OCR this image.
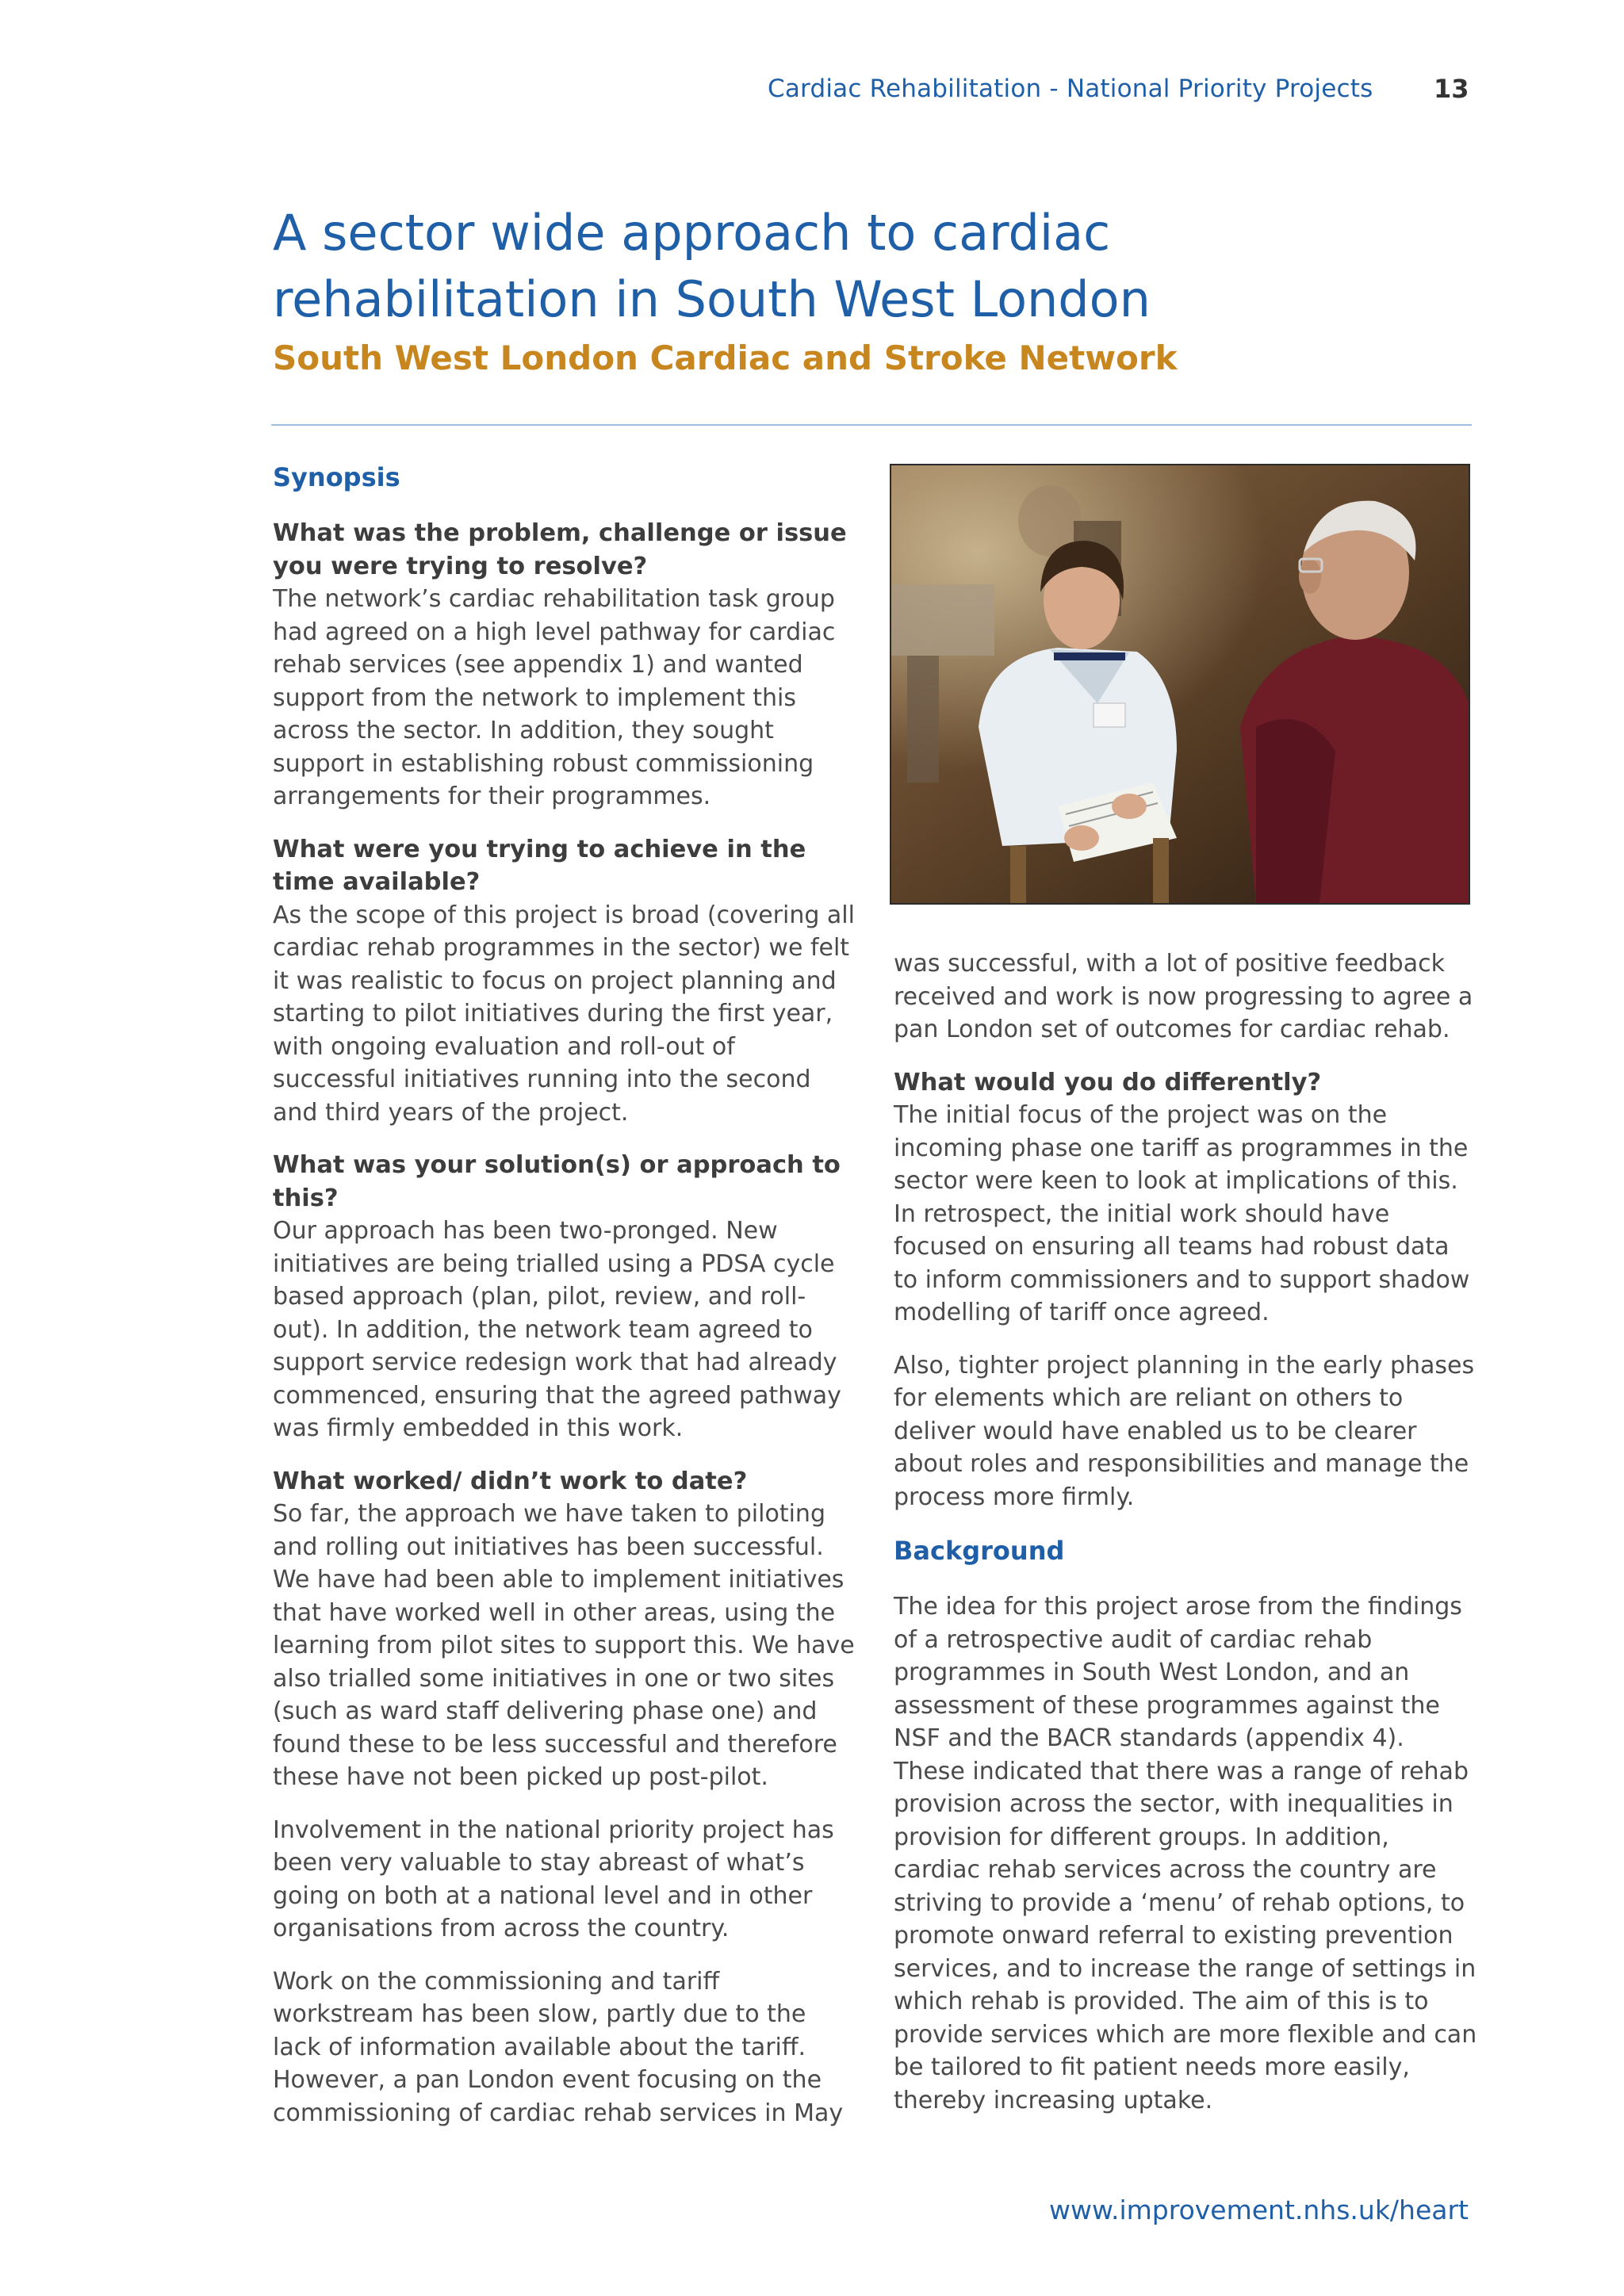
Cardiac Rehabilitation - National Priority Projects 13
A sector wide approach to cardiac
rehabilitation in South West London
South West London Cardiac and Stroke Network
Synopsis

What was the problem, challenge or issue you were trying to resolve?

The network’s cardiac rehabilitation task group had agreed on a high level pathway for cardiac rehab services (see appendix 1) and wanted support from the network to implement this across the sector. In addition, they sought support in establishing robust commissioning arrangements for their programmes.

What were you trying to achieve in the time available?

As the scope of this project is broad (covering all cardiac rehab programmes in the sector) we felt it was realistic to focus on project planning and starting to pilot initiatives during the first year, with ongoing evaluation and roll-out of successful initiatives running into the second and third years of the project.

What was your solution(s) or approach to this?

Our approach has been two-pronged. New initiatives are being trialled using a PDSA cycle based approach (plan, pilot, review, and roll-out). In addition, the network team agreed to support service redesign work that had already commenced, ensuring that the agreed pathway was firmly embedded in this work.

What worked/ didn’t work to date?

So far, the approach we have taken to piloting and rolling out initiatives has been successful. We have had been able to implement initiatives that have worked well in other areas, using the learning from pilot sites to support this. We have also trialled some initiatives in one or two sites (such as ward staff delivering phase one) and found these to be less successful and therefore these have not been picked up post-pilot.

Involvement in the national priority project has been very valuable to stay abreast of what’s going on both at a national level and in other organisations from across the country.

Work on the commissioning and tariff workstream has been slow, partly due to the lack of information available about the tariff. However, a pan London event focusing on the commissioning of cardiac rehab services in May

was successful, with a lot of positive feedback received and work is now progressing to agree a pan London set of outcomes for cardiac rehab.

What would you do differently?

The initial focus of the project was on the incoming phase one tariff as programmes in the sector were keen to look at implications of this. In retrospect, the initial work should have focused on ensuring all teams had robust data to inform commissioners and to support shadow modelling of tariff once agreed.

Also, tighter project planning in the early phases for elements which are reliant on others to deliver would have enabled us to be clearer about roles and responsibilities and manage the process more firmly.

Background

The idea for this project arose from the findings of a retrospective audit of cardiac rehab programmes in South West London, and an assessment of these programmes against the NSF and the BACR standards (appendix 4). These indicated that there was a range of rehab provision across the sector, with inequalities in provision for different groups. In addition, cardiac rehab services across the country are striving to provide a ‘menu’ of rehab options, to promote onward referral to existing prevention services, and to increase the range of settings in which rehab is provided. The aim of this is to provide services which are more flexible and can be tailored to fit patient needs more easily, thereby increasing uptake.

www.improvement.nhs.uk/heart
